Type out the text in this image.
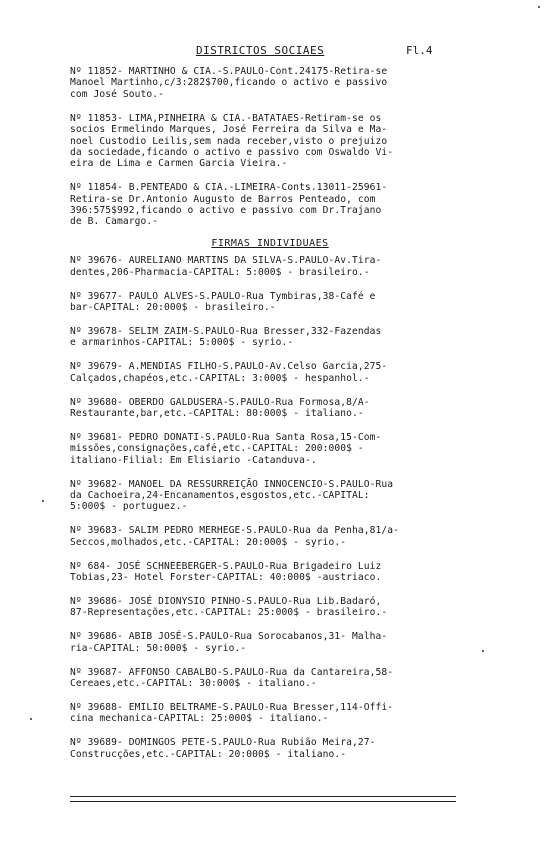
DISTRICTOS SOCIAES	Fl.4

Nº 11852- MARTINHO & CIA.-S.PAULO-Cont.24175-Retira-se
Manoel Martinho,c/3:282$700,ficando o activo e passivo
com José Souto.-

Nº 11853- LIMA,PINHEIRA & CIA.-BATATAES-Retiram-se os
socios Ermelindo Marques, José Ferreira da Silva e Ma-
noel Custodio Leilis,sem nada receber,visto o prejuizo
da sociedade,ficando o activo e passivo com Oswaldo Vi-
eira de Lima e Carmen Garcia Vieira.-

Nº 11854- B.PENTEADO & CIA.-LIMEIRA-Conts.13011-25961-
Retira-se Dr.Antonio Augusto de Barros Penteado, com
396:575$992,ficando o activo e passivo com Dr.Trajano
de B. Camargo.-

FIRMAS INDIVIDUAES

Nº 39676- AURELIANO MARTINS DA SILVA-S.PAULO-Av.Tira-
dentes,206-Pharmacia-CAPITAL: 5:000$ - brasileiro.-

Nº 39677- PAULO ALVES-S.PAULO-Rua Tymbiras,38-Café e
bar-CAPITAL: 20:000$ - brasileiro.-

Nº 39678- SELIM ZAIM-S.PAULO-Rua Bresser,332-Fazendas
e armarinhos-CAPITAL: 5:000$ - syrio.-

Nº 39679- A.MENDIAS FILHO-S.PAULO-Av.Celso Garcia,275-
Calçados,chapéos,etc.-CAPITAL: 3:000$ - hespanhol.-

Nº 39680- OBERDO GALDUSERA-S.PAULO-Rua Formosa,8/A-
Restaurante,bar,etc.-CAPITAL: 80:000$ - italiano.-

Nº 39681- PEDRO DONATI-S.PAULO-Rua Santa Rosa,15-Com-
missões,consignações,café,etc.-CAPITAL: 200:000$ -
italiano-Filial: Em Elisiario -Catanduva-.

Nº 39682- MANOEL DA RESSURREIÇÃO INNOCENCIO-S.PAULO-Rua
da Cachoeira,24-Encanamentos,esgostos,etc.-CAPITAL:
5:000$ - portuguez.-

Nº 39683- SALIM PEDRO MERHEGE-S.PAULO-Rua da Penha,81/a-
Seccos,molhados,etc.-CAPITAL: 20:000$ - syrio.-

Nº 684- JOSÉ SCHNEEBERGER-S.PAULO-Rua Brigadeiro Luiz
Tobias,23- Hotel Forster-CAPITAL: 40:000$ -austriaco.

Nº 39686- JOSÉ DIONYSIO PINHO-S.PAULO-Rua Lib.Badaró,
87-Representações,etc.-CAPITAL: 25:000$ - brasileiro.-

Nº 39686- ABIB JOSÉ-S.PAULO-Rua Sorocabanos,31- Malha-
ria-CAPITAL: 50:000$ - syrio.-

Nº 39687- AFFONSO CABALBO-S.PAULO-Rua da Cantareira,58-
Cereaes,etc.-CAPITAL: 30:000$ - italiano.-

Nº 39688- EMILIO BELTRAME-S.PAULO-Rua Bresser,114-Offi-
cina mechanica-CAPITAL: 25:000$ - italiano.-

Nº 39689- DOMINGOS PETE-S.PAULO-Rua Rubião Meira,27-
Construcções,etc.-CAPITAL: 20:000$ - italiano.-
